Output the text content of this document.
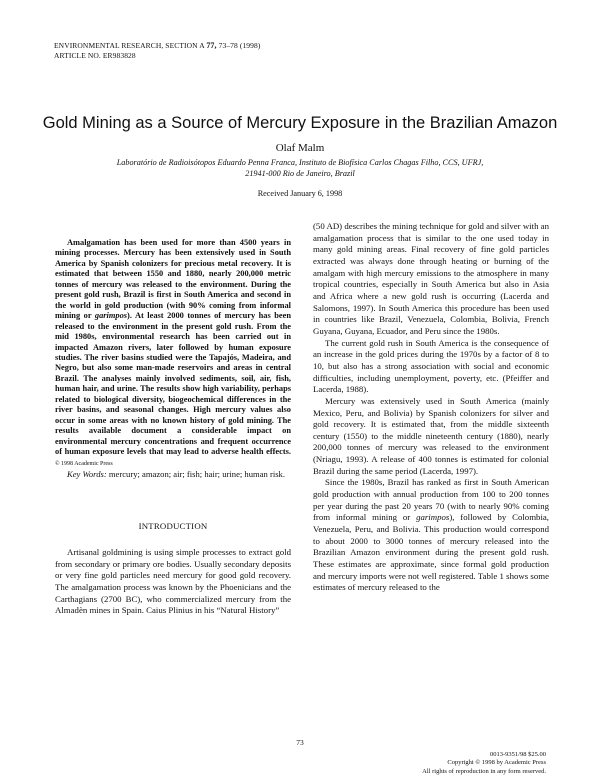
ENVIRONMENTAL RESEARCH, SECTION A 77, 73–78 (1998)
ARTICLE NO. ER983828
Gold Mining as a Source of Mercury Exposure in the Brazilian Amazon
Olaf Malm
Laboratório de Radioisótopos Eduardo Penna Franca, Instituto de Biofísica Carlos Chagas Filho, CCS, UFRJ,
21941-000 Rio de Janeiro, Brazil
Received January 6, 1998

Amalgamation has been used for more than 4500 years in mining processes. Mercury has been extensively used in South America by Spanish colonizers for precious metal recovery. It is estimated that between 1550 and 1880, nearly 200,000 metric tonnes of mercury was released to the environment. During the present gold rush, Brazil is first in South America and second in the world in gold production (with 90% coming from informal mining or garimpos). At least 2000 tonnes of mercury has been released to the environment in the present gold rush. From the mid 1980s, environmental research has been carried out in impacted Amazon rivers, later followed by human exposure studies. The river basins studied were the Tapajós, Madeira, and Negro, but also some man-made reservoirs and areas in central Brazil. The analyses mainly involved sediments, soil, air, fish, human hair, and urine. The results show high variability, perhaps related to biological diversity, biogeochemical differences in the river basins, and seasonal changes. High mercury values also occur in some areas with no known history of gold mining. The results available document a considerable impact on environmental mercury concentrations and frequent occurrence of human exposure levels that may lead to adverse health effects. © 1998 Academic Press

Key Words: mercury; amazon; air; fish; hair; urine; human risk.

INTRODUCTION

Artisanal goldmining is using simple processes to extract gold from secondary or primary ore bodies. Usually secondary deposits or very fine gold particles need mercury for good gold recovery. The amalgamation process was known by the Phoenicians and the Carthagians (2700 BC), who commercialized mercury from the Almadèn mines in Spain. Caius Plinius in his “Natural History”

(50 AD) describes the mining technique for gold and silver with an amalgamation process that is similar to the one used today in many gold mining areas. Final recovery of fine gold particles extracted was always done through heating or burning of the amalgam with high mercury emissions to the atmosphere in many tropical countries, especially in South America but also in Asia and Africa where a new gold rush is occurring (Lacerda and Salomons, 1997). In South America this procedure has been used in countries like Brazil, Venezuela, Colombia, Bolivia, French Guyana, Guyana, Ecuador, and Peru since the 1980s.

The current gold rush in South America is the consequence of an increase in the gold prices during the 1970s by a factor of 8 to 10, but also has a strong association with social and economic difficulties, including unemployment, poverty, etc. (Pfeiffer and Lacerda, 1988).

Mercury was extensively used in South America (mainly Mexico, Peru, and Bolivia) by Spanish colonizers for silver and gold recovery. It is estimated that, from the middle sixteenth century (1550) to the middle nineteenth century (1880), nearly 200,000 tonnes of mercury was released to the environment (Nriagu, 1993). A release of 400 tonnes is estimated for colonial Brazil during the same period (Lacerda, 1997).

Since the 1980s, Brazil has ranked as first in South American gold production with annual production from 100 to 200 tonnes per year during the past 20 years 70 (with to nearly 90% coming from informal mining or garimpos), followed by Colombia, Venezuela, Peru, and Bolivia. This production would correspond to about 2000 to 3000 tonnes of mercury released into the Brazilian Amazon environment during the present gold rush. These estimates are approximate, since formal gold production and mercury imports were not well registered. Table 1 shows some estimates of mercury released to the

73
0013-9351/98 $25.00
Copyright © 1998 by Academic Press
All rights of reproduction in any form reserved.
